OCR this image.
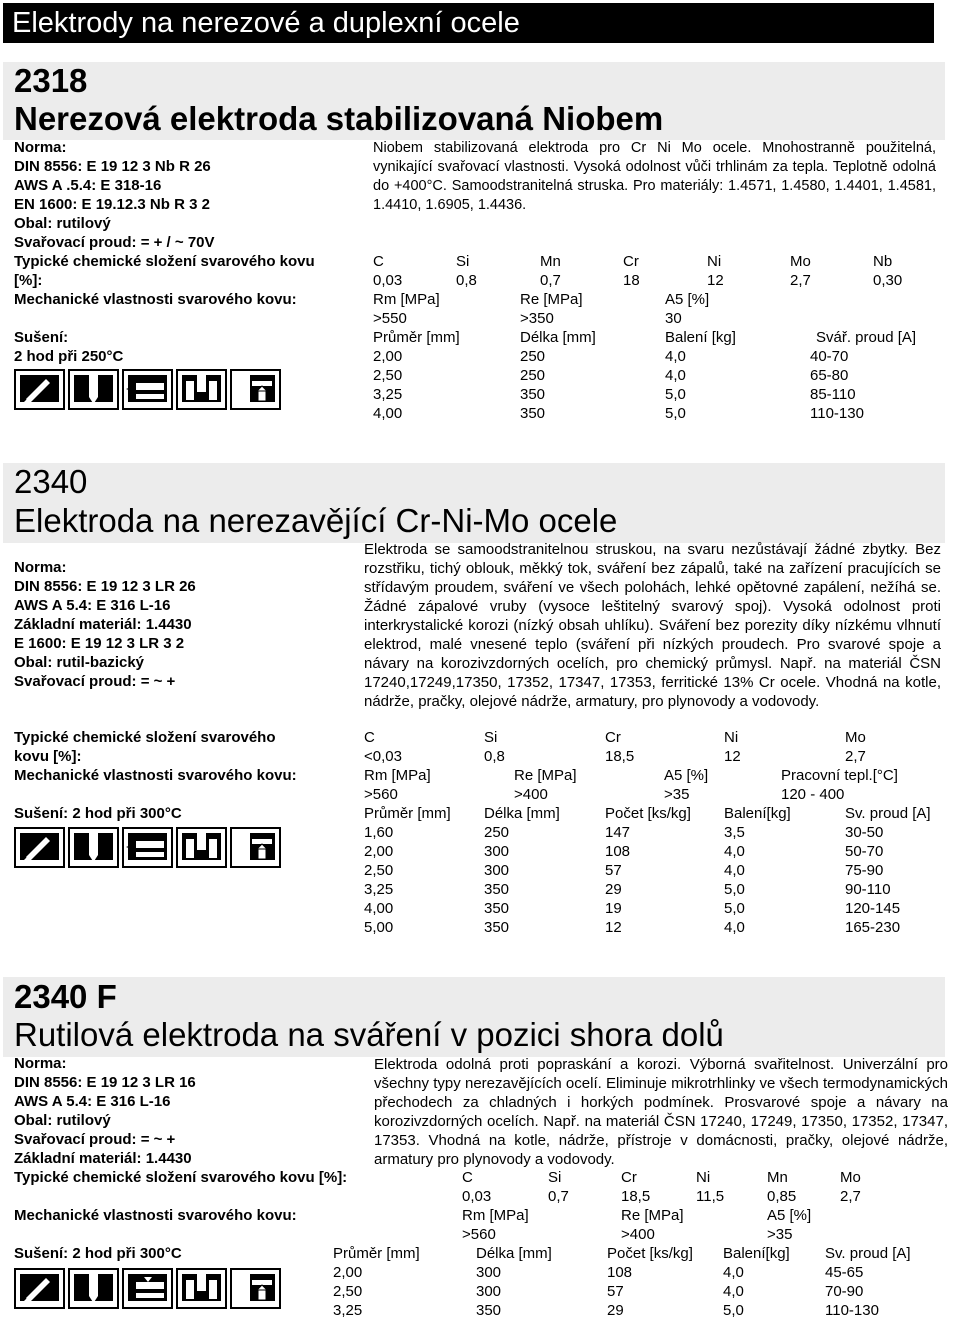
Elektrody na nerezové a duplexní ocele
2318
Nerezová elektroda stabilizovaná Niobem
Norma:
DIN 8556: E 19 12 3 Nb R 26
AWS A .5.4: E 318-16
EN 1600: E 19.12.3 Nb R 3 2
Obal: rutilový
Svařovací proud: = + / ~ 70V
Niobem stabilizovaná elektroda pro Cr Ni Mo ocele. Mnohostranně použitelná, vynikající svařovací vlastnosti. Vysoká odolnost vůči trhlinám za tepla. Teplotně odolná do +400°C. Samoodstranitelná struska. Pro materiály: 1.4571, 1.4580, 1.4401, 1.4581, 1.4410, 1.6905, 1.4436.
Typické chemické složení svarového kovu
[%]:
C	Si	Mn	Cr	Ni	Mo	Nb
0,03	0,8	0,7	18	12	2,7	0,30
Mechanické vlastnosti svarového kovu:	Rm [MPa]	Re [MPa]	A5 [%]
>550	>350	30
Sušení:
2 hod při 250°C
Průměr [mm]	Délka [mm]	Balení [kg]	Svář. proud [A]
2,00	250	4,0	40-70
2,50	250	4,0	65-80
3,25	350	5,0	85-110
4,00	350	5,0	110-130
2340
Elektroda na nerezavějící Cr-Ni-Mo ocele
Norma:
DIN 8556: E 19 12 3 LR 26
AWS A 5.4: E 316 L-16
Základní materiál: 1.4430
E 1600: E 19 12 3 LR 3 2
Obal: rutil-bazický
Svařovací proud: = ~ +
Elektroda se samoodstranitelnou struskou, na svaru nezůstávají žádné zbytky. Bez rozstřiku, tichý oblouk, měkký tok, sváření bez zápalů, také na zařízení pracujících se střídavým proudem, sváření ve všech polohách, lehké opětovné zapálení, nežíhá se. Žádné zápalové vruby (vysoce leštitelný svarový spoj). Vysoká odolnost proti interkrystalické korozi (nízký obsah uhlíku). Sváření bez porezity díky nízkému vlhnutí elektrod, malé vnesené teplo (sváření při nízkých proudech. Pro svarové spoje a návary na korozivzdorných ocelích, pro chemický průmysl. Např. na materiál ČSN 17240,17249,17350, 17352, 17347, 17353, ferritické 13% Cr ocele. Vhodná na kotle, nádrže, pračky, olejové nádrže, armatury, pro plynovody a vodovody.
Typické chemické složení svarového
kovu [%]:
C	Si	Cr	Ni	Mo
<0,03	0,8	18,5	12	2,7
Mechanické vlastnosti svarového kovu:	Rm [MPa]	Re [MPa]	A5 [%]	Pracovní tepl.[°C]
>560	>400	>35	120 - 400
Sušení: 2 hod při 300°C	Průměr [mm] Délka [mm]	Počet [ks/kg] Balení[kg]	Sv. proud [A]
1,60	250	147	3,5	30-50
2,00	300	108	4,0	50-70
2,50	300	57	4,0	75-90
3,25	350	29	5,0	90-110
4,00	350	19	5,0	120-145
5,00	350	12	4,0	165-230
2340 F
Rutilová elektroda na sváření v pozici shora dolů
Norma:
DIN 8556: E 19 12 3 LR 16
AWS A 5.4: E 316 L-16
Obal: rutilový
Svařovací proud: = ~ +
Základní materiál: 1.4430
Elektroda odolná proti popraskání a korozi. Výborná svařitelnost. Univerzální pro všechny typy nerezavějících ocelí. Eliminuje mikrotrhlinky ve všech termodynamických přechodech za chladných i horkých podmínek. Prosvarové spoje a návary na korozivzdorných ocelích. Např. na materiál ČSN 17240, 17249, 17350, 17352, 17347, 17353. Vhodná na kotle, nádrže, přístroje v domácnosti, pračky, olejové nádrže, armatury pro plynovody a vodovody.
Typické chemické složení svarového kovu [%]:	C	Si	Cr	Ni	Mn	Mo
0,03	0,7	18,5	11,5	0,85	2,7
Mechanické vlastnosti svarového kovu:	Rm [MPa]	Re [MPa]	A5 [%]
>560	>400	>35
Sušení: 2 hod při 300°C	Průměr [mm]	Délka [mm]	Počet [ks/kg] Balení[kg] Sv. proud [A]
2,00	300	108	4,0	45-65
2,50	300	57	4,0	70-90
3,25	350	29	5,0	110-130
